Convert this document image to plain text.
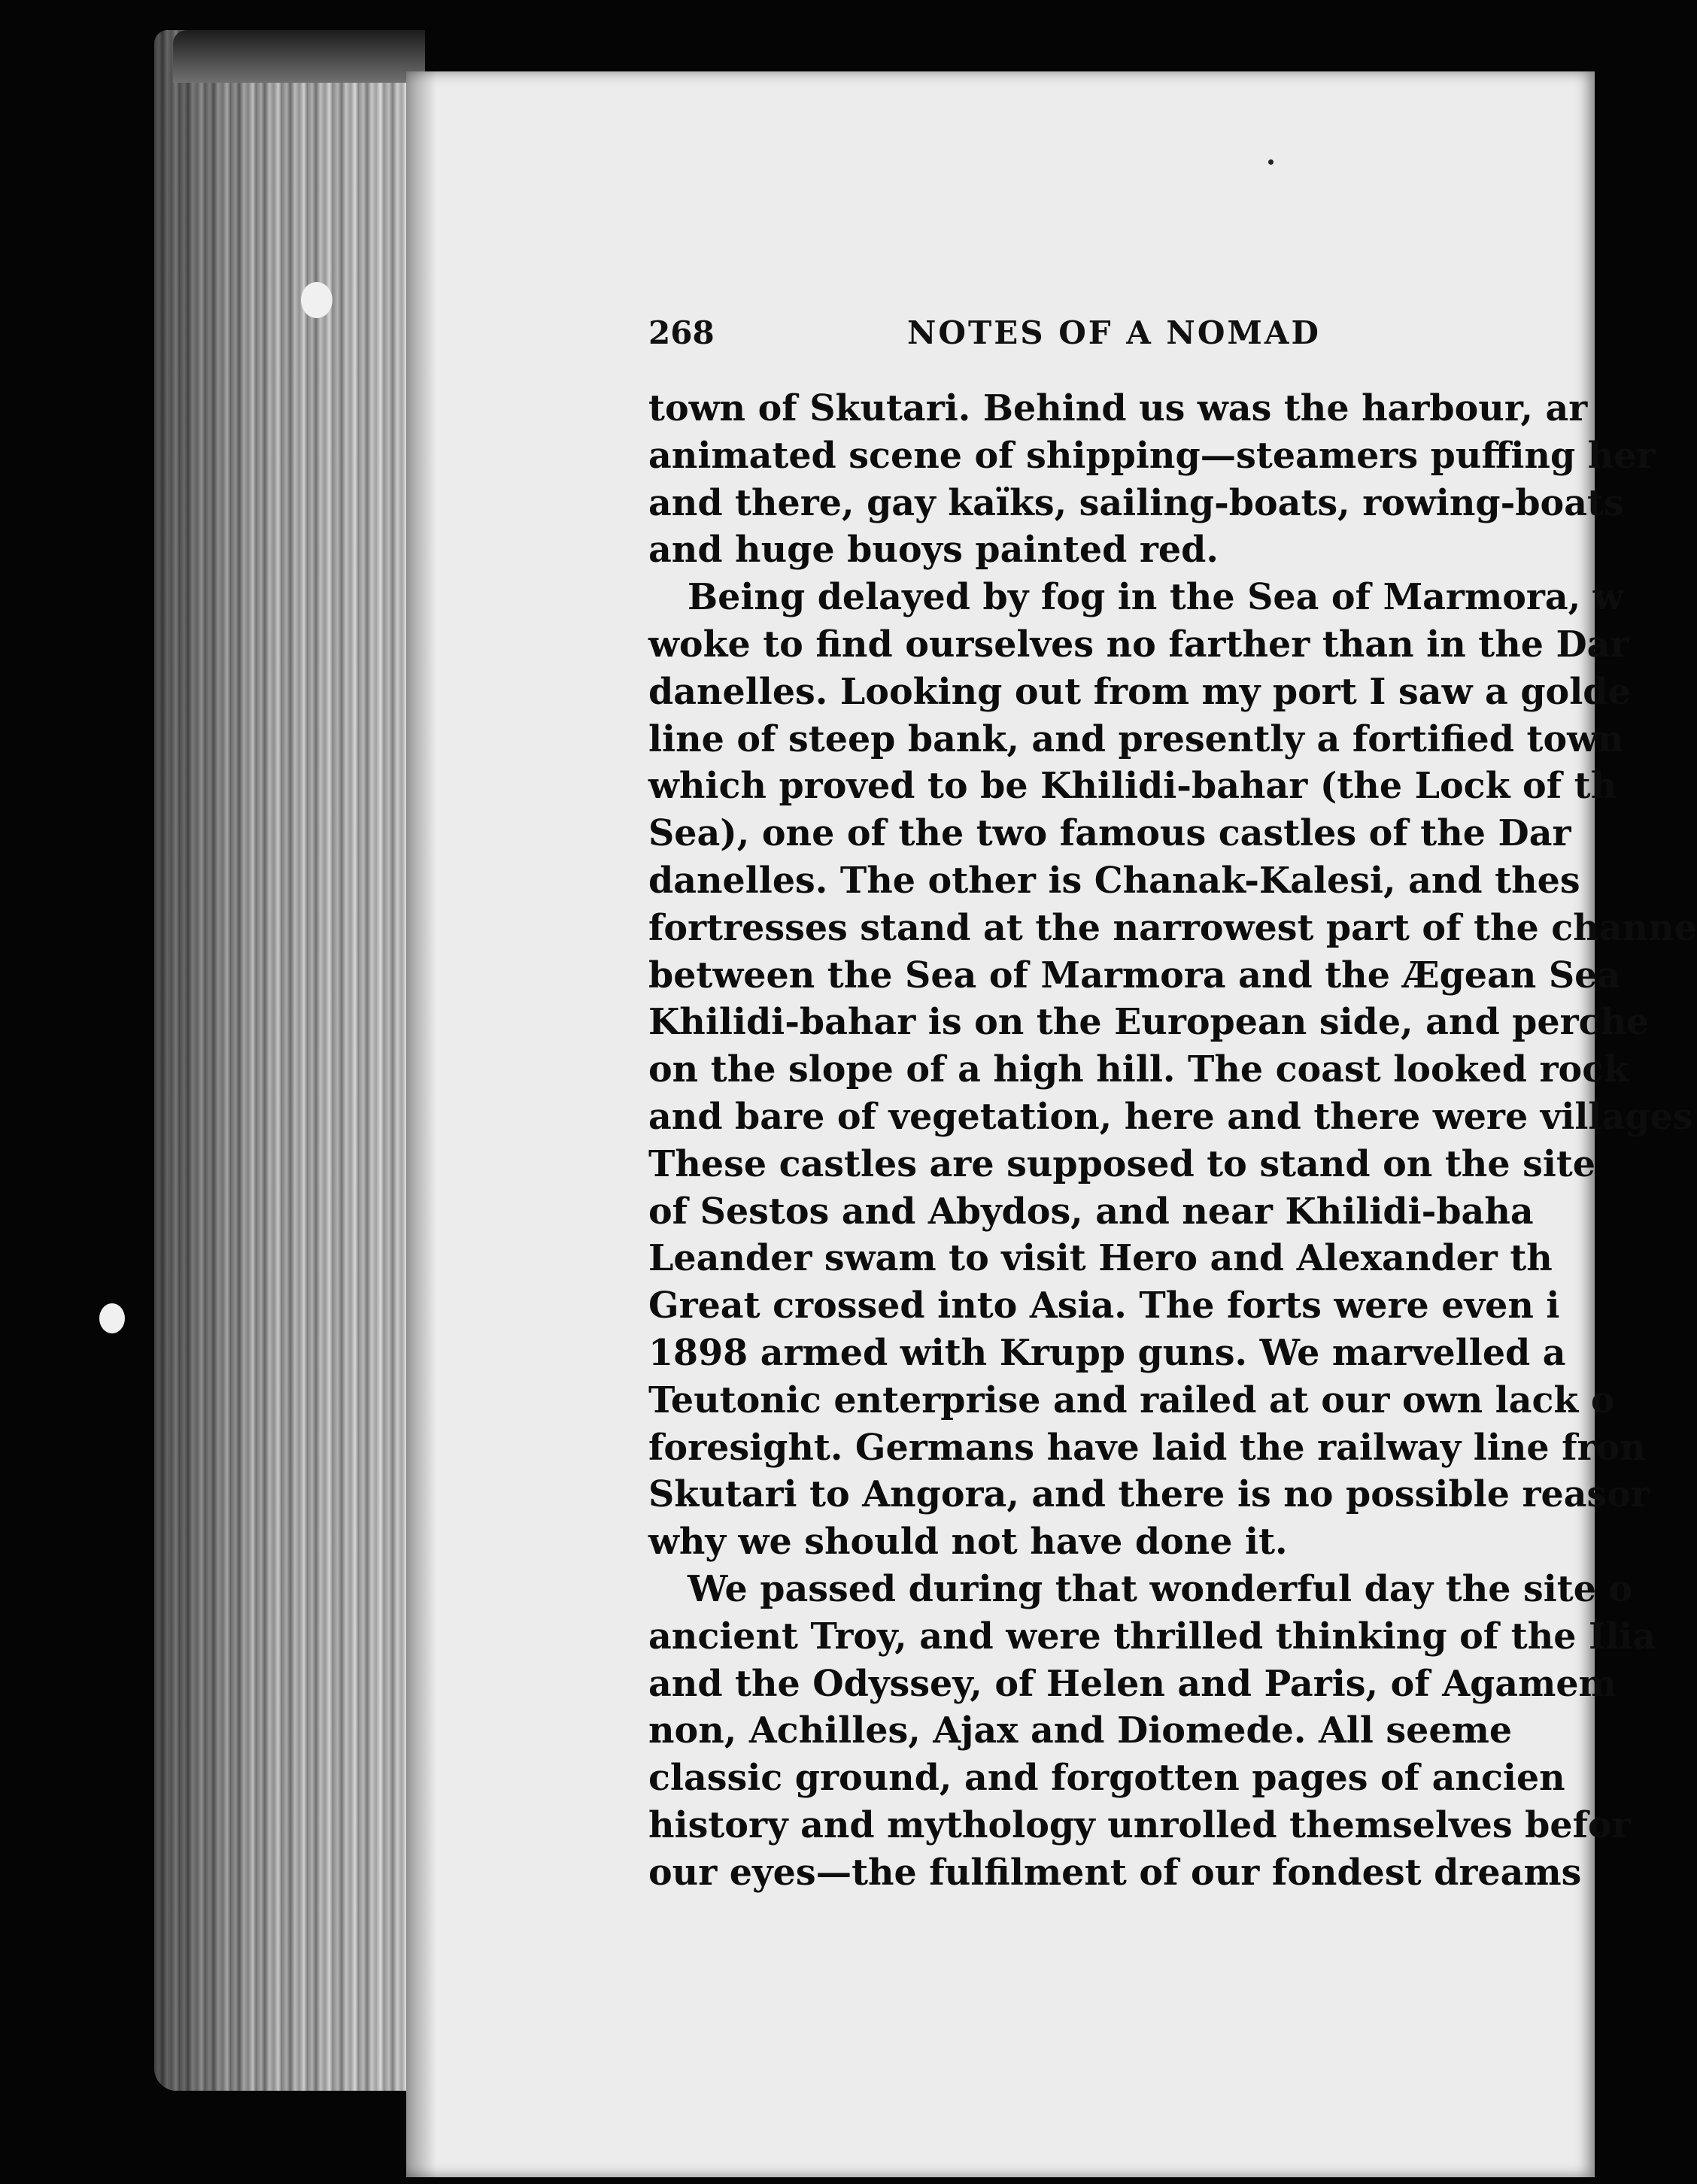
268	NOTES OF A NOMAD
town of Skutari. Behind us was the harbour, ar
animated scene of shipping—steamers puffing her
and there, gay kaïks, sailing-boats, rowing-boats
and huge buoys painted red.
Being delayed by fog in the Sea of Marmora, w
woke to find ourselves no farther than in the Dar
danelles. Looking out from my port I saw a golde
line of steep bank, and presently a fortified town
which proved to be Khilidi-bahar (the Lock of th
Sea), one of the two famous castles of the Dar
danelles. The other is Chanak-Kalesi, and thes
fortresses stand at the narrowest part of the channe
between the Sea of Marmora and the Ægean Sea
Khilidi-bahar is on the European side, and perche
on the slope of a high hill. The coast looked rock
and bare of vegetation, here and there were villages
These castles are supposed to stand on the site
of Sestos and Abydos, and near Khilidi-baha
Leander swam to visit Hero and Alexander th
Great crossed into Asia. The forts were even i
1898 armed with Krupp guns. We marvelled a
Teutonic enterprise and railed at our own lack o
foresight. Germans have laid the railway line fron
Skutari to Angora, and there is no possible reasor
why we should not have done it.
We passed during that wonderful day the site o
ancient Troy, and were thrilled thinking of the Ilia
and the Odyssey, of Helen and Paris, of Agamem
non, Achilles, Ajax and Diomede. All seeme
classic ground, and forgotten pages of ancien
history and mythology unrolled themselves befor
our eyes—the fulfilment of our fondest dreams
